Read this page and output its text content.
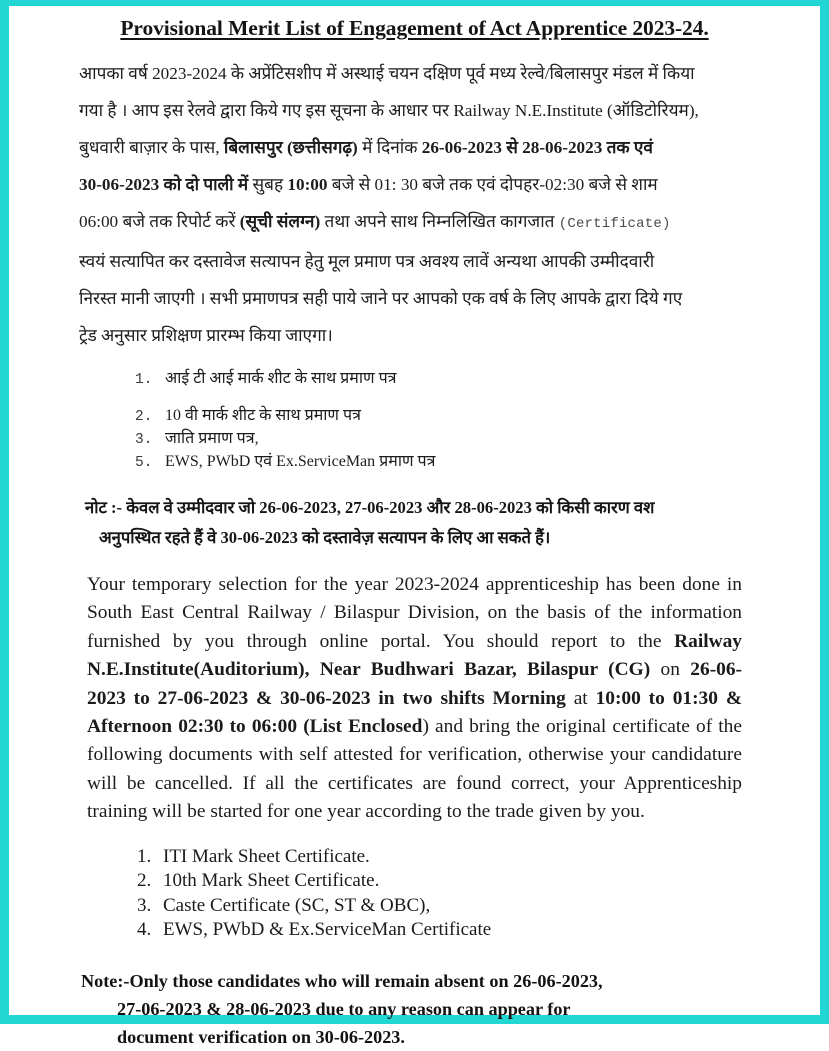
Provisional Merit List of Engagement of Act Apprentice 2023-24.
आपका वर्ष 2023-2024 के अप्रेंटिसशीप में अस्थाई चयन दक्षिण पूर्व मध्य रेल्वे/बिलासपुर मंडल में किया
गया है । आप इस रेलवे द्वारा किये गए इस सूचना के आधार पर Railway N.E.Institute (ऑडिटोरियम),
बुधवारी बाज़ार के पास, बिलासपुर (छत्तीसगढ़) में दिनांक 26-06-2023 से 28-06-2023 तक एवं
30-06-2023 को दो पाली में सुबह 10:00 बजे से 01: 30 बजे तक एवं दोपहर-02:30 बजे से शाम
06:00 बजे तक रिपोर्ट करें (सूची संलग्न) तथा अपने साथ निम्नलिखित कागजात (Certificate)
स्वयं सत्यापित कर दस्तावेज सत्यापन हेतु मूल प्रमाण पत्र अवश्य लावें अन्यथा आपकी उम्मीदवारी
निरस्त मानी जाएगी । सभी प्रमाणपत्र सही पाये जाने पर आपको एक वर्ष के लिए आपके द्वारा दिये गए
ट्रेड अनुसार प्रशिक्षण प्रारम्भ किया जाएगा।
1. आई टी आई मार्क शीट के साथ प्रमाण पत्र
2. 10 वी मार्क शीट के साथ प्रमाण पत्र
3. जाति प्रमाण पत्र,
5. EWS, PWbD एवं Ex.ServiceMan प्रमाण पत्र
नोट :- केवल वे उम्मीदवार जो 26-06-2023, 27-06-2023 और 28-06-2023 को किसी कारण वश
अनुपस्थित रहते हैं वे 30-06-2023 को दस्तावेज़ सत्यापन के लिए आ सकते हैं।
Your temporary selection for the year 2023-2024 apprenticeship has been done in South East Central Railway / Bilaspur Division, on the basis of the information furnished by you through online portal. You should report to the Railway N.E.Institute(Auditorium), Near Budhwari Bazar, Bilaspur (CG) on 26-06-2023 to 27-06-2023 & 30-06-2023 in two shifts Morning at 10:00 to 01:30 & Afternoon 02:30 to 06:00 (List Enclosed) and bring the original certificate of the following documents with self attested for verification, otherwise your candidature will be cancelled. If all the certificates are found correct, your Apprenticeship training will be started for one year according to the trade given by you.
1. ITI Mark Sheet Certificate.
2. 10th Mark Sheet Certificate.
3. Caste Certificate (SC, ST & OBC),
4. EWS, PWbD & Ex.ServiceMan Certificate
Note:-Only those candidates who will remain absent on 26-06-2023,
27-06-2023 & 28-06-2023 due to any reason can appear for
document verification on 30-06-2023.
